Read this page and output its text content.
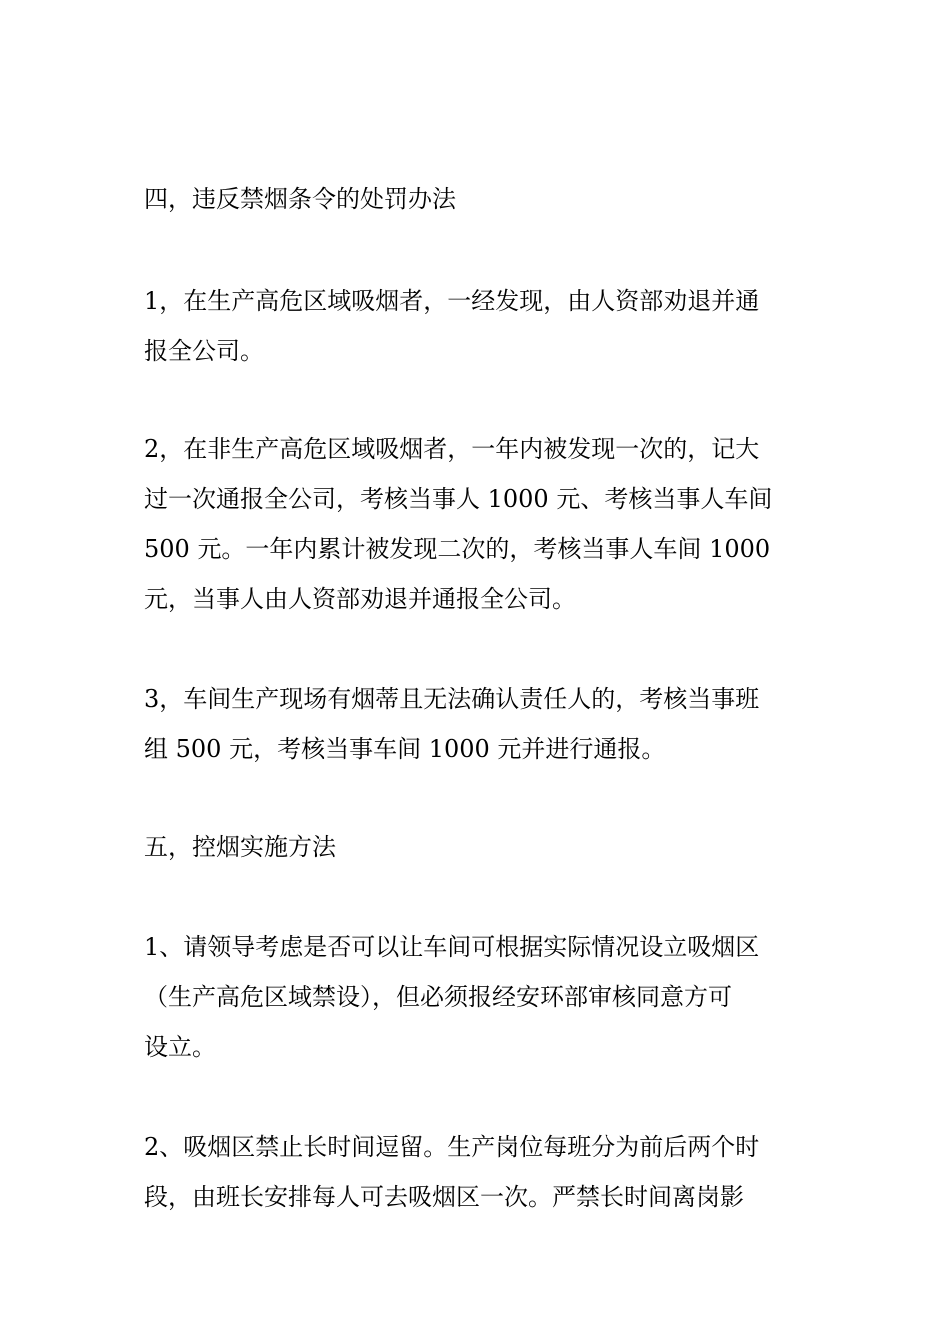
四，违反禁烟条令的处罚办法

1，在生产高危区域吸烟者，一经发现，由人资部劝退并通
报全公司。

2，在非生产高危区域吸烟者，一年内被发现一次的，记大
过一次通报全公司，考核当事人 1000 元、考核当事人车间
500 元。一年内累计被发现二次的，考核当事人车间 1000
元，当事人由人资部劝退并通报全公司。

3，车间生产现场有烟蒂且无法确认责任人的，考核当事班
组 500 元，考核当事车间 1000 元并进行通报。

五，控烟实施方法

1、请领导考虑是否可以让车间可根据实际情况设立吸烟区
（生产高危区域禁设），但必须报经安环部审核同意方可
设立。

2、吸烟区禁止长时间逗留。生产岗位每班分为前后两个时
段，由班长安排每人可去吸烟区一次。严禁长时间离岗影
